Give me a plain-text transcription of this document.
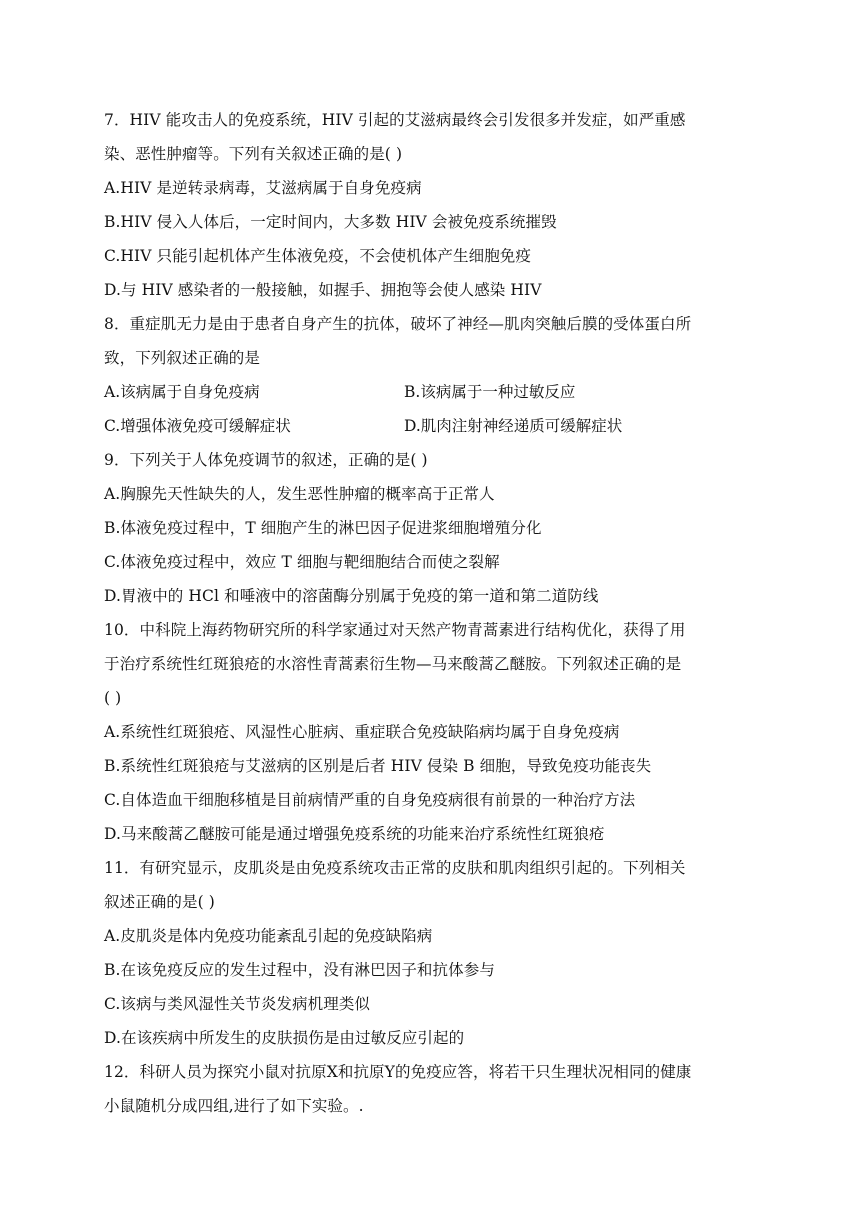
7．HIV 能攻击人的免疫系统，HIV 引起的艾滋病最终会引发很多并发症，如严重感
染、恶性肿瘤等。下列有关叙述正确的是( )
A.HIV 是逆转录病毒，艾滋病属于自身免疫病
B.HIV 侵入人体后，一定时间内，大多数 HIV 会被免疫系统摧毁
C.HIV 只能引起机体产生体液免疫，不会使机体产生细胞免疫
D.与 HIV 感染者的一般接触，如握手、拥抱等会使人感染 HIV
8．重症肌无力是由于患者自身产生的抗体，破坏了神经—肌肉突触后膜的受体蛋白所
致，下列叙述正确的是
A.该病属于自身免疫病	B.该病属于一种过敏反应
C.增强体液免疫可缓解症状	D.肌肉注射神经递质可缓解症状
9．下列关于人体免疫调节的叙述，正确的是( )
A.胸腺先天性缺失的人，发生恶性肿瘤的概率高于正常人
B.体液免疫过程中，T 细胞产生的淋巴因子促进浆细胞增殖分化
C.体液免疫过程中，效应 T 细胞与靶细胞结合而使之裂解
D.胃液中的 HCl 和唾液中的溶菌酶分别属于免疫的第一道和第二道防线
10．中科院上海药物研究所的科学家通过对天然产物青蒿素进行结构优化，获得了用
于治疗系统性红斑狼疮的水溶性青蒿素衍生物—马来酸蒿乙醚胺。下列叙述正确的是
( )
A.系统性红斑狼疮、风湿性心脏病、重症联合免疫缺陷病均属于自身免疫病
B.系统性红斑狼疮与艾滋病的区别是后者 HIV 侵染 B 细胞，导致免疫功能丧失
C.自体造血干细胞移植是目前病情严重的自身免疫病很有前景的一种治疗方法
D.马来酸蒿乙醚胺可能是通过增强免疫系统的功能来治疗系统性红斑狼疮
11．有研究显示，皮肌炎是由免疫系统攻击正常的皮肤和肌肉组织引起的。下列相关
叙述正确的是( )
A.皮肌炎是体内免疫功能紊乱引起的免疫缺陷病
B.在该免疫反应的发生过程中，没有淋巴因子和抗体参与
C.该病与类风湿性关节炎发病机理类似
D.在该疾病中所发生的皮肤损伤是由过敏反应引起的
12．科研人员为探究小鼠对抗原X和抗原Y的免疫应答，将若干只生理状况相同的健康
小鼠随机分成四组,进行了如下实验。.
